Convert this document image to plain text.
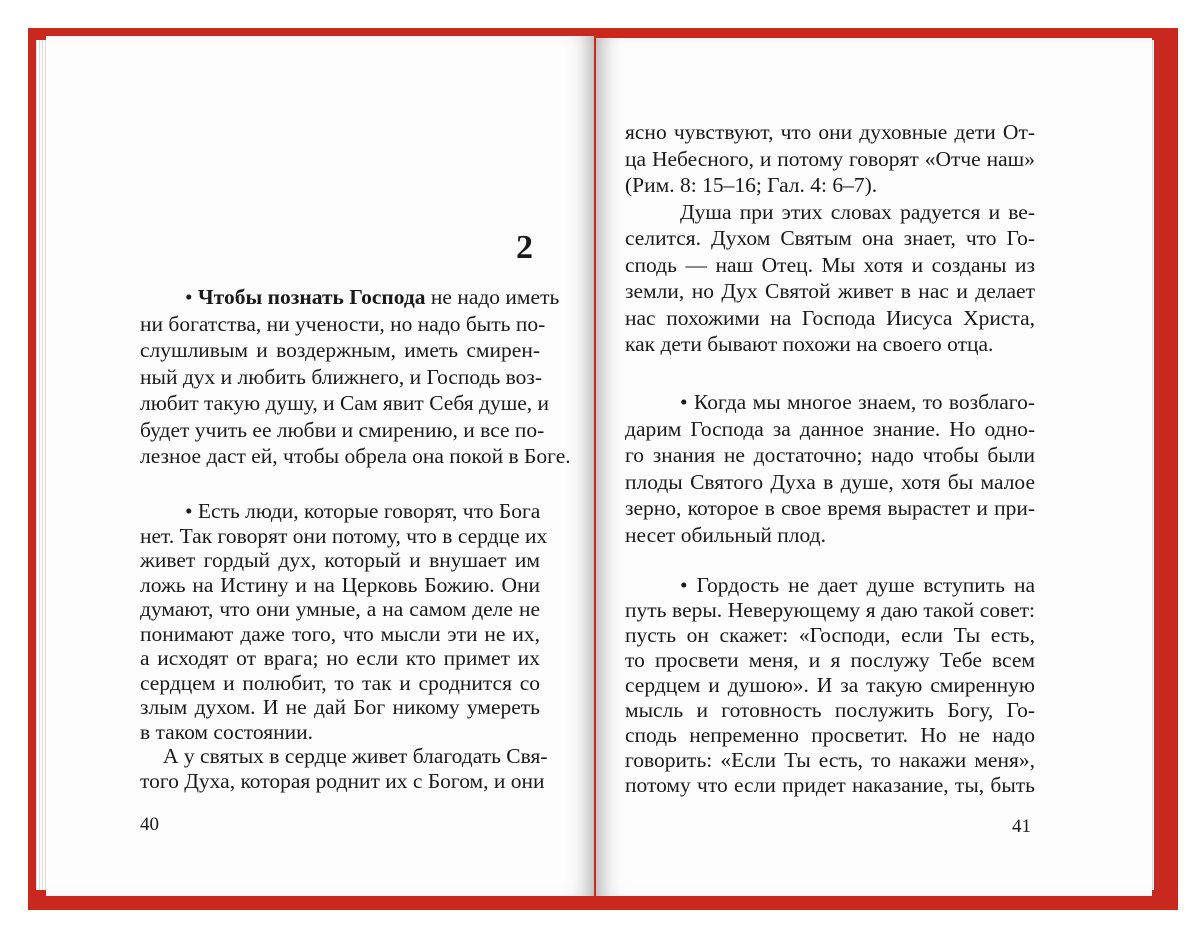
2
• Чтобы познать Господа не надо иметь
ни богатства, ни учености, но надо быть по-
слушливым и воздержным, иметь смирен-
ный дух и любить ближнего, и Господь воз-
любит такую душу, и Сам явит Себя душе, и
будет учить ее любви и смирению, и все по-
лезное даст ей, чтобы обрела она покой в Боге.
• Есть люди, которые говорят, что Бога
нет. Так говорят они потому, что в сердце их
живет гордый дух, который и внушает им
ложь на Истину и на Церковь Божию. Они
думают, что они умные, а на самом деле не
понимают даже того, что мысли эти не их,
а исходят от врага; но если кто примет их
сердцем и полюбит, то так и сроднится со
злым духом. И не дай Бог никому умереть
в таком состоянии.
А у святых в сердце живет благодать Свя-
того Духа, которая роднит их с Богом, и они
40
ясно чувствуют, что они духовные дети От-
ца Небесного, и потому говорят «Отче наш»
(Рим. 8: 15–16; Гал. 4: 6–7).
Душа при этих словах радуется и ве-
селится. Духом Святым она знает, что Го-
сподь — наш Отец. Мы хотя и созданы из
земли, но Дух Святой живет в нас и делает
нас похожими на Господа Иисуса Христа,
как дети бывают похожи на своего отца.
• Когда мы многое знаем, то возблаго-
дарим Господа за данное знание. Но одно-
го знания не достаточно; надо чтобы были
плоды Святого Духа в душе, хотя бы малое
зерно, которое в свое время вырастет и при-
несет обильный плод.
• Гордость не дает душе вступить на
путь веры. Неверующему я даю такой совет:
пусть он скажет: «Господи, если Ты есть,
то просвети меня, и я послужу Тебе всем
сердцем и душою». И за такую смиренную
мысль и готовность послужить Богу, Го-
сподь непременно просветит. Но не надо
говорить: «Если Ты есть, то накажи меня»,
потому что если придет наказание, ты, быть
41
